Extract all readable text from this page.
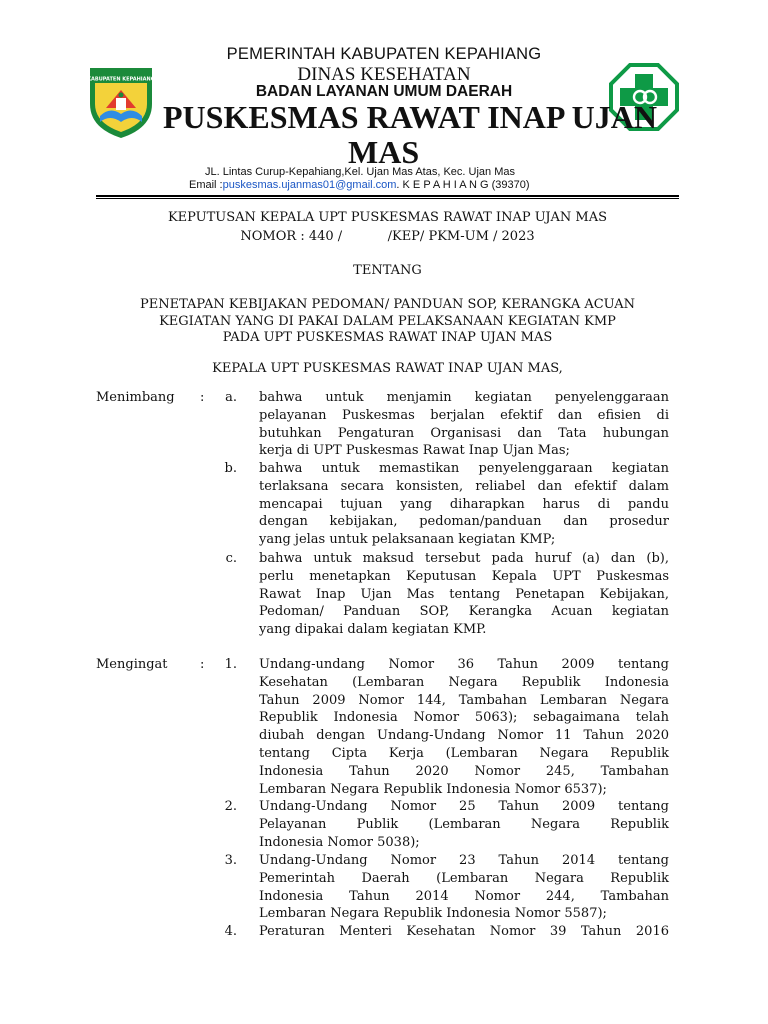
KABUPATEN KEPAHIANG
PEMERINTAH KABUPATEN KEPAHIANG
DINAS KESEHATAN
BADAN LAYANAN UMUM DAERAH
PUSKESMAS RAWAT INAP UJAN
MAS
JL. Lintas Curup-Kepahiang,Kel. Ujan Mas Atas, Kec. Ujan Mas
Email :puskesmas.ujanmas01@gmail.com. K E P A H I A N G (39370)
KEPUTUSAN KEPALA UPT PUSKESMAS RAWAT INAP UJAN MAS
NOMOR : 440 /           /KEP/ PKM-UM / 2023
TENTANG
PENETAPAN KEBIJAKAN PEDOMAN/ PANDUAN SOP, KERANGKA ACUAN
KEGIATAN YANG DI PAKAI DALAM PELAKSANAAN KEGIATAN KMP
PADA UPT PUSKESMAS RAWAT INAP UJAN MAS
KEPALA UPT PUSKESMAS RAWAT INAP UJAN MAS,
Menimbang :	a. bahwa untuk menjamin kegiatan penyelenggaraan
pelayanan Puskesmas berjalan efektif dan efisien di
butuhkan Pengaturan Organisasi dan Tata hubungan
kerja di UPT Puskesmas Rawat Inap Ujan Mas;
b. bahwa untuk memastikan penyelenggaraan kegiatan
terlaksana secara konsisten, reliabel dan efektif dalam
mencapai tujuan yang diharapkan harus di pandu
dengan kebijakan, pedoman/panduan dan prosedur
yang jelas untuk pelaksanaan kegiatan KMP;
c. bahwa untuk maksud tersebut pada huruf (a) dan (b),
perlu menetapkan Keputusan Kepala UPT Puskesmas
Rawat Inap Ujan Mas tentang Penetapan Kebijakan,
Pedoman/ Panduan SOP, Kerangka Acuan kegiatan
yang dipakai dalam kegiatan KMP.
Mengingat : 1. Undang-undang Nomor 36 Tahun 2009 tentang
Kesehatan (Lembaran Negara Republik Indonesia
Tahun 2009 Nomor 144, Tambahan Lembaran Negara
Republik Indonesia Nomor 5063); sebagaimana telah
diubah dengan Undang-Undang Nomor 11 Tahun 2020
tentang Cipta Kerja (Lembaran Negara Republik
Indonesia Tahun 2020 Nomor 245, Tambahan
Lembaran Negara Republik Indonesia Nomor 6537);
2. Undang-Undang Nomor 25 Tahun 2009 tentang
Pelayanan Publik (Lembaran Negara Republik
Indonesia Nomor 5038);
3. Undang-Undang Nomor 23 Tahun 2014 tentang
Pemerintah Daerah (Lembaran Negara Republik
Indonesia Tahun 2014 Nomor 244, Tambahan
Lembaran Negara Republik Indonesia Nomor 5587);
4. Peraturan Menteri Kesehatan Nomor 39 Tahun 2016
